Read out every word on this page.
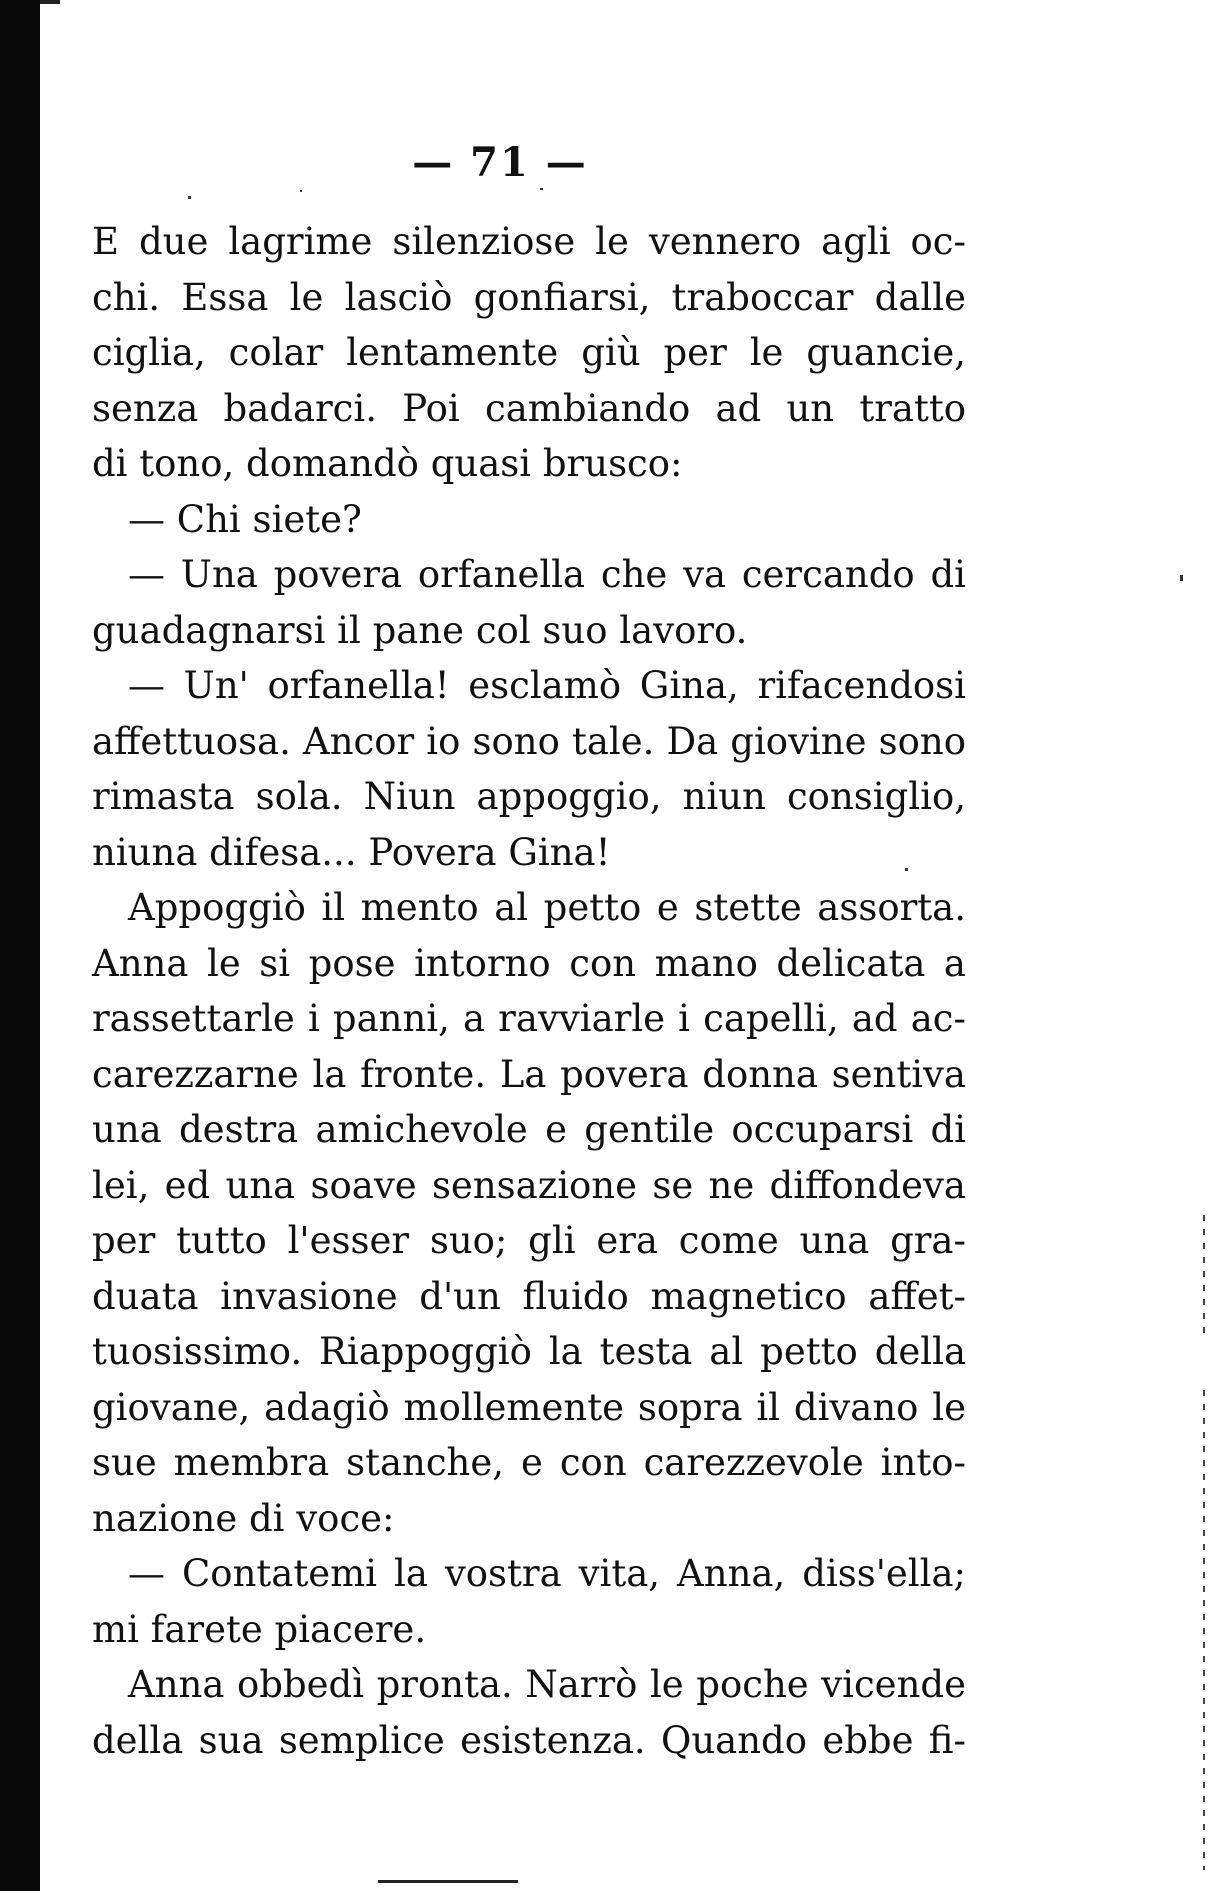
— 71 —
E due lagrime silenziose le vennero agli oc-
chi. Essa le lasciò gonfiarsi, traboccar dalle
ciglia, colar lentamente giù per le guancie,
senza badarci. Poi cambiando ad un tratto
di tono, domandò quasi brusco:
— Chi siete?
— Una povera orfanella che va cercando di
guadagnarsi il pane col suo lavoro.
— Un' orfanella! esclamò Gina, rifacendosi
affettuosa. Ancor io sono tale. Da giovine sono
rimasta sola. Niun appoggio, niun consiglio,
niuna difesa... Povera Gina!
Appoggiò il mento al petto e stette assorta.
Anna le si pose intorno con mano delicata a
rassettarle i panni, a ravviarle i capelli, ad ac-
carezzarne la fronte. La povera donna sentiva
una destra amichevole e gentile occuparsi di
lei, ed una soave sensazione se ne diffondeva
per tutto l'esser suo; gli era come una gra-
duata invasione d'un fluido magnetico affet-
tuosissimo. Riappoggiò la testa al petto della
giovane, adagiò mollemente sopra il divano le
sue membra stanche, e con carezzevole into-
nazione di voce:
— Contatemi la vostra vita, Anna, diss'ella;
mi farete piacere.
Anna obbedì pronta. Narrò le poche vicende
della sua semplice esistenza. Quando ebbe fi-
